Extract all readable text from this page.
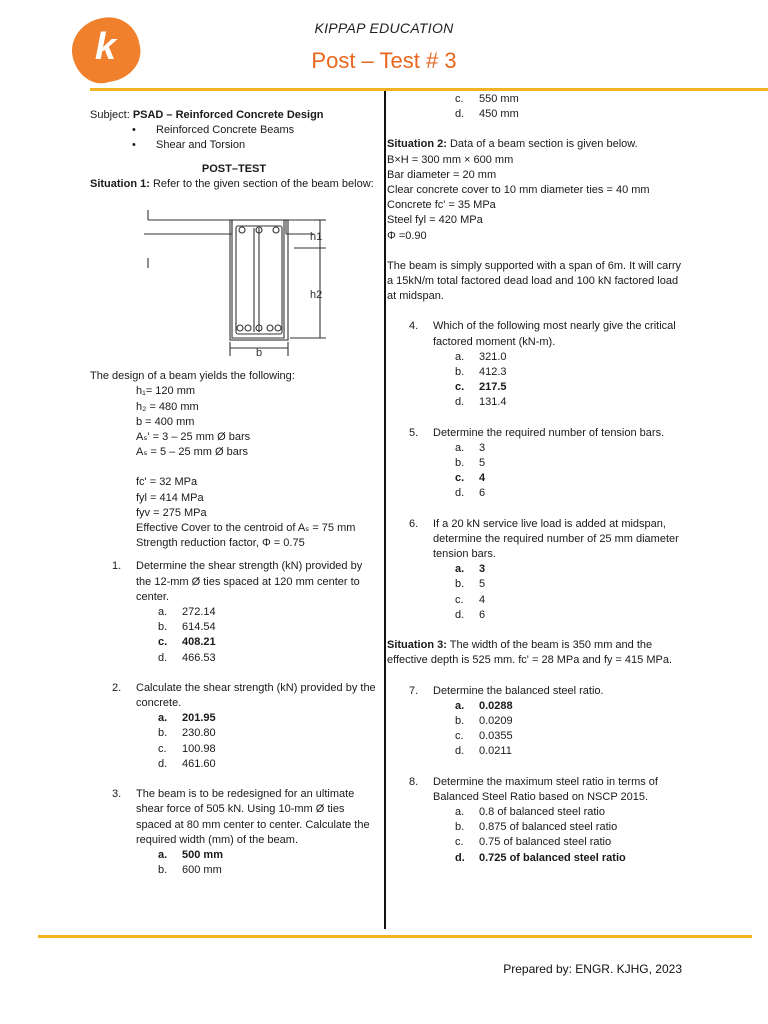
k	KIPPAP EDUCATION
Post – Test # 3

Subject: PSAD – Reinforced Concrete Design

• Reinforced Concrete Beams

• Shear and Torsion

POST–TEST

Situation 1: Refer to the given section of the beam below:

h1
h2
b

The design of a beam yields the following:

h₁= 120 mm

h₂ = 480 mm

b = 400 mm

Aₛ' = 3 – 25 mm Ø bars

Aₛ = 5 – 25 mm Ø bars

fc' = 32 MPa

fyl = 414 MPa

fyv = 275 MPa

Effective Cover to the centroid of Aₛ = 75 mm

Strength reduction factor, Φ = 0.75

1. Determine the shear strength (kN) provided by the 12-mm Ø ties spaced at 120 mm center to center.

a. 272.14

b. 614.54

c. 408.21

d. 466.53

2. Calculate the shear strength (kN) provided by the concrete.

a. 201.95

b. 230.80

c. 100.98

d. 461.60

3. The beam is to be redesigned for an ultimate shear force of 505 kN. Using 10-mm Ø ties spaced at 80 mm center to center. Calculate the required width (mm) of the beam.

a. 500 mm

b. 600 mm

c. 550 mm

d. 450 mm

Situation 2: Data of a beam section is given below.

B×H = 300 mm × 600 mm

Bar diameter = 20 mm

Clear concrete cover to 10 mm diameter ties = 40 mm

Concrete fc' = 35 MPa

Steel fyl = 420 MPa

Φ =0.90

The beam is simply supported with a span of 6m. It will carry a 15kN/m total factored dead load and 100 kN factored load at midspan.

4. Which of the following most nearly give the critical factored moment (kN-m).

a. 321.0

b. 412.3

c. 217.5

d. 131.4

5. Determine the required number of tension bars.

a. 3

b. 5

c. 4

d. 6

6. If a 20 kN service live load is added at midspan, determine the required number of 25 mm diameter tension bars.

a. 3

b. 5

c. 4

d. 6

Situation 3: The width of the beam is 350 mm and the effective depth is 525 mm. fc' = 28 MPa and fy = 415 MPa.

7. Determine the balanced steel ratio.

a. 0.0288

b. 0.0209

c. 0.0355

d. 0.0211

8. Determine the maximum steel ratio in terms of Balanced Steel Ratio based on NSCP 2015.

a. 0.8 of balanced steel ratio

b. 0.875 of balanced steel ratio

c. 0.75 of balanced steel ratio

d. 0.725 of balanced steel ratio

Prepared by: ENGR. KJHG, 2023
